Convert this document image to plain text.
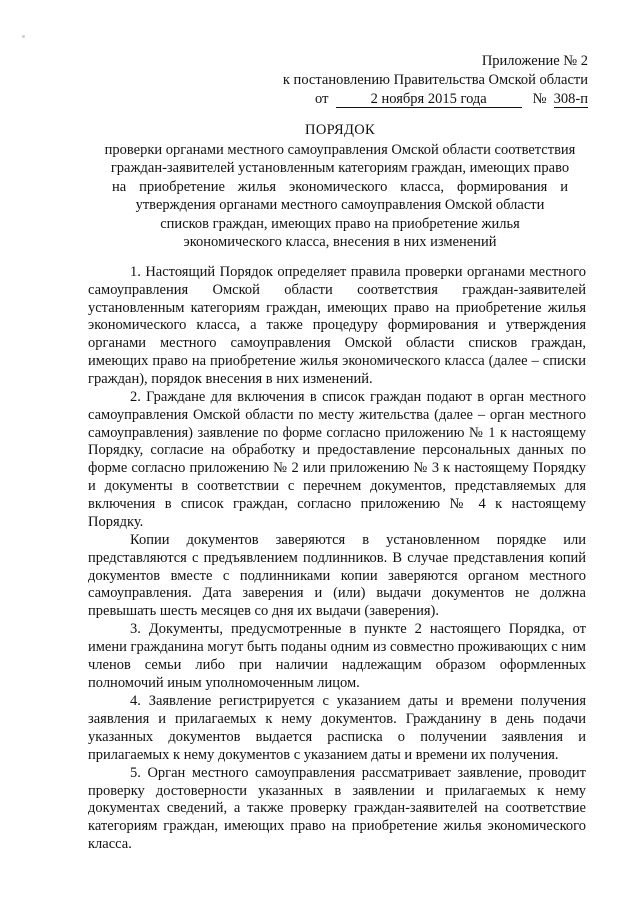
Приложение № 2
к постановлению Правительства Омской области
от	2 ноября 2015 года	№ 308-п
ПОРЯДОК
проверки органами местного самоуправления Омской области соответствия
граждан-заявителей установленным категориям граждан, имеющих право
на приобретение жилья экономического класса, формирования и
утверждения органами местного самоуправления Омской области
списков граждан, имеющих право на приобретение жилья
экономического класса, внесения в них изменений

1. Настоящий Порядок определяет правила проверки органами местного самоуправления Омской области соответствия граждан-заявителей установленным категориям граждан, имеющих право на приобретение жилья экономического класса, а также процедуру формирования и утверждения органами местного самоуправления Омской области списков граждан, имеющих право на приобретение жилья экономического класса (далее – списки граждан), порядок внесения в них изменений.

2. Граждане для включения в список граждан подают в орган местного самоуправления Омской области по месту жительства (далее – орган местного самоуправления) заявление по форме согласно приложению № 1 к настоящему Порядку, согласие на обработку и предоставление персональных данных по форме согласно приложению № 2 или приложению № 3 к настоящему Порядку и документы в соответствии с перечнем документов, представляемых для включения в список граждан, согласно приложению № 4 к настоящему Порядку.

Копии документов заверяются в установленном порядке или представляются с предъявлением подлинников. В случае представления копий документов вместе с подлинниками копии заверяются органом местного самоуправления. Дата заверения и (или) выдачи документов не должна превышать шесть месяцев со дня их выдачи (заверения).

3. Документы, предусмотренные в пункте 2 настоящего Порядка, от имени гражданина могут быть поданы одним из совместно проживающих с ним членов семьи либо при наличии надлежащим образом оформленных полномочий иным уполномоченным лицом.

4. Заявление регистрируется с указанием даты и времени получения заявления и прилагаемых к нему документов. Гражданину в день подачи указанных документов выдается расписка о получении заявления и прилагаемых к нему документов с указанием даты и времени их получения.

5. Орган местного самоуправления рассматривает заявление, проводит проверку достоверности указанных в заявлении и прилагаемых к нему документах сведений, а также проверку граждан-заявителей на соответствие категориям граждан, имеющих право на приобретение жилья экономического класса.
